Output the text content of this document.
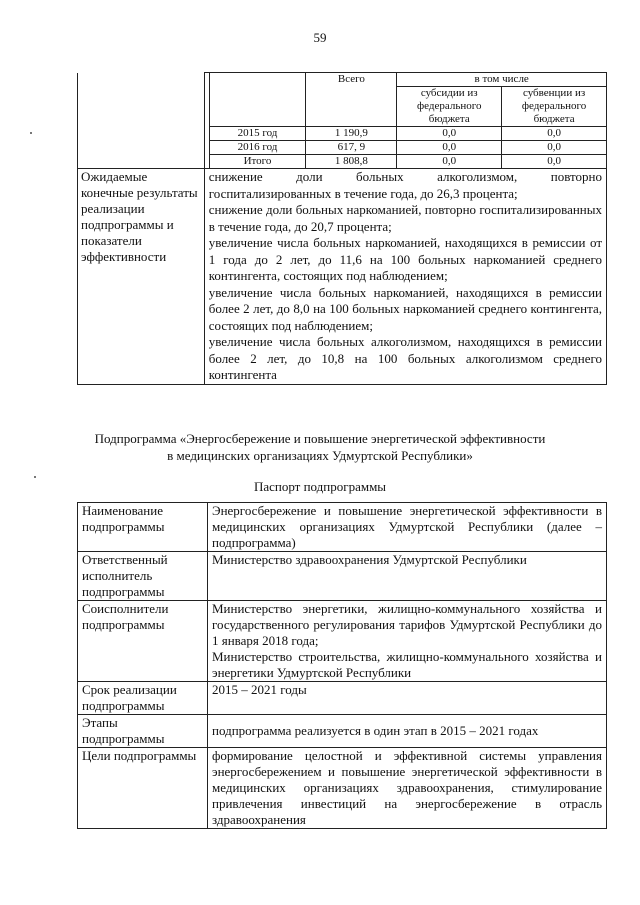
59
			Всего	в том числе	
				субсидии из федерального бюджета	субвенции из федерального бюджета
		2015 год	1 190,9	0,0	0,0
		2016 год	617, 9	0,0	0,0
		Итого	1 808,8	0,0	0,0
Ожидаемые конечные результаты реализации подпрограммы и показатели эффективности	снижение доли больных алкоголизмом, повторно госпитализированных в течение года, до 26,3 процента;

снижение доли больных наркоманией, повторно госпитализированных в течение года, до 20,7 процента;

увеличение числа больных наркоманией, находящихся в ремиссии от 1 года до 2 лет, до 11,6 на 100 больных наркоманией среднего контингента, состоящих под наблюдением;

увеличение числа больных наркоманией, находящихся в ремиссии более 2 лет, до 8,0 на 100 больных наркоманией среднего контингента, состоящих под наблюдением;

увеличение числа больных алкоголизмом, находящихся в ремиссии более 2 лет, до 10,8 на 100 больных алкоголизмом среднего контингента				

Подпрограмма «Энергосбережение и повышение энергетической эффективности в медицинских организациях Удмуртской Республики»
Паспорт подпрограммы
Наименование подпрограммы	Энергосбережение и повышение энергетической эффективности в медицинских организациях Удмуртской Республики (далее – подпрограмма)

Ответственный исполнитель подпрограммы	Министерство здравоохранения Удмуртской Республики

Соисполнители подпрограммы	Министерство энергетики, жилищно-коммунального хозяйства и государственного регулирования тарифов Удмуртской Республики до 1 января 2018 года;

Министерство строительства, жилищно-коммунального хозяйства и энергетики Удмуртской Республики

Срок реализации подпрограммы	2015 – 2021 годы

Этапы подпрограммы	подпрограмма реализуется в один этап в 2015 – 2021 годах

Цели подпрограммы	формирование целостной и эффективной системы управления энергосбережением и повышение энергетической эффективности в медицинских организациях здравоохранения, стимулирование привлечения инвестиций на энергосбережение в отрасль здравоохранения
